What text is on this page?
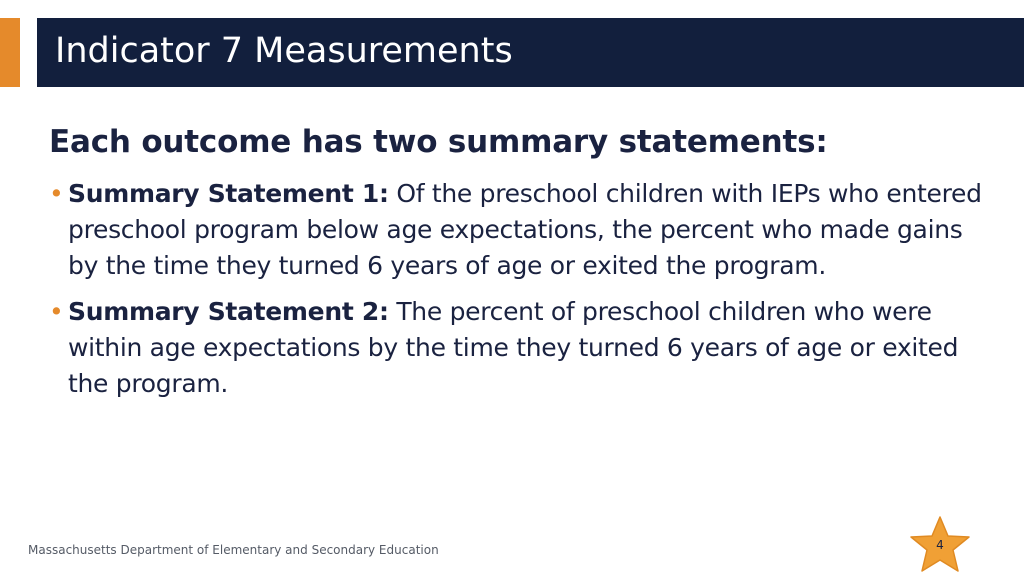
Indicator 7 Measurements
Each outcome has two summary statements:
• Summary Statement 1: Of the preschool children with IEPs who entered preschool program below age expectations, the percent who made gains by the time they turned 6 years of age or exited the program.
• Summary Statement 2: The percent of preschool children who were within age expectations by the time they turned 6 years of age or exited the program.
Massachusetts Department of Elementary and Secondary Education	4
